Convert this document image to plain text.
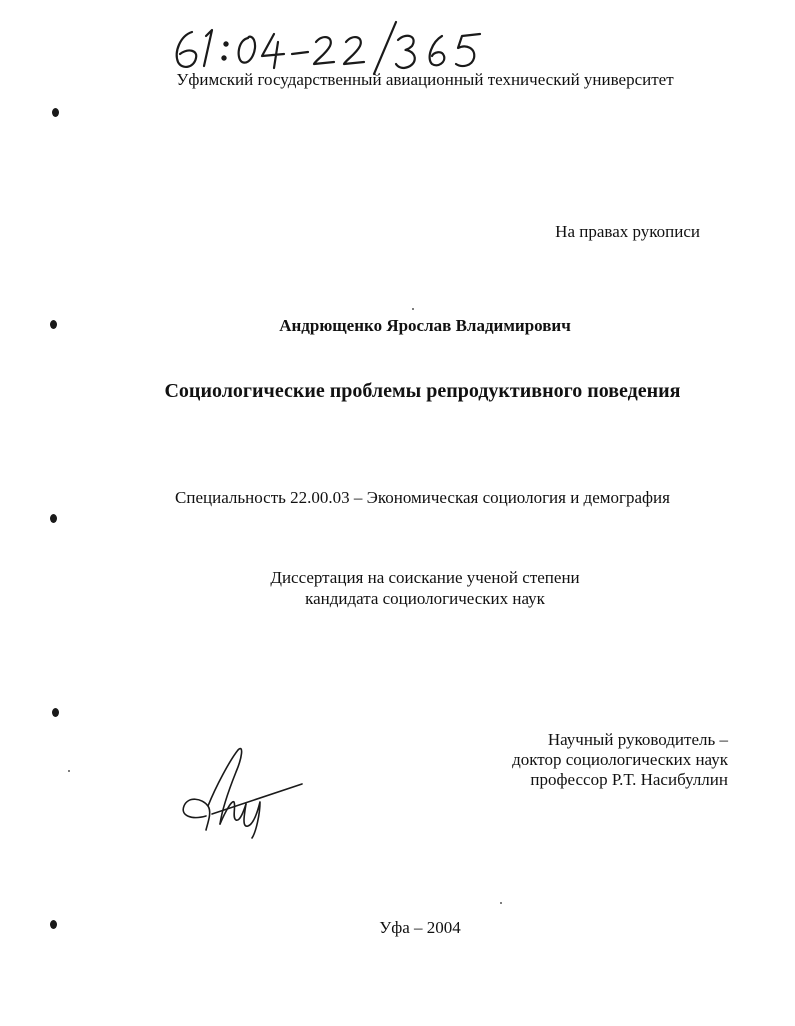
Уфимский государственный авиационный технический университет
На правах рукописи
Андрющенко Ярослав Владимирович
Социологические проблемы репродуктивного поведения
Специальность 22.00.03 – Экономическая социология и демография
Диссертация на соискание ученой степени
кандидата социологических наук
Научный руководитель –
доктор социологических наук
профессор Р.Т. Насибуллин
Уфа – 2004
